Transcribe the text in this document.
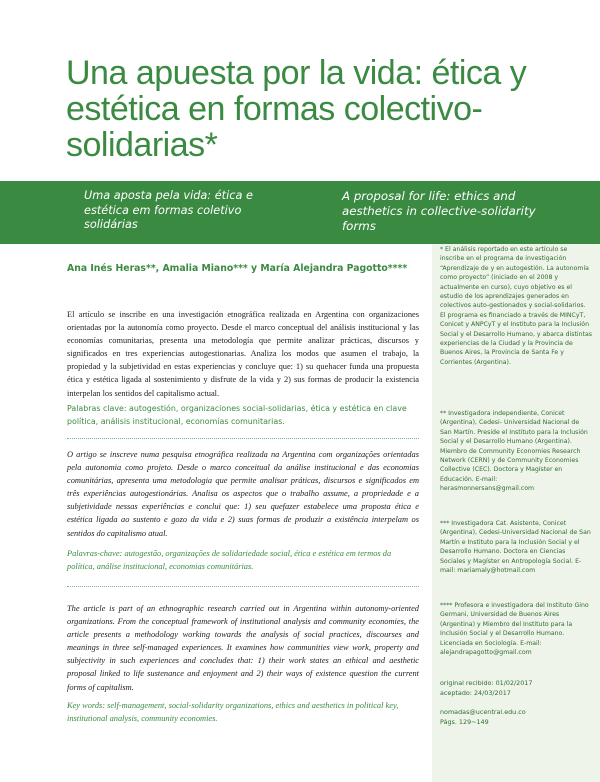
Una apuesta por la vida: ética y estética en formas colectivo-solidarias*
Uma aposta pela vida: ética e estética em formas coletivo solidárias
A proposal for life: ethics and aesthetics in collective-solidarity forms

Ana Inés Heras**, Amalia Miano*** y María Alejandra Pagotto****

El artículo se inscribe en una investigación etnográfica realizada en Argentina con organizaciones orientadas por la autonomía como proyecto. Desde el marco conceptual del análisis institucional y las economías comunitarias, presenta una metodología que permite analizar prácticas, discursos y significados en tres experiencias autogestionarias. Analiza los modos que asumen el trabajo, la propiedad y la subjetividad en estas experiencias y concluye que: 1) su quehacer funda una propuesta ética y estética ligada al sostenimiento y disfrute de la vida y 2) sus formas de producir la existencia interpelan los sentidos del capitalismo actual.

Palabras clave: autogestión, organizaciones social-solidarias, ética y estética en clave política, análisis institucional, economías comunitarias.

O artigo se inscreve numa pesquisa etnográfica realizada na Argentina com organizações orientadas pela autonomia como projeto. Desde o marco conceitual da análise institucional e das economias comunitárias, apresenta uma metodologia que permite analisar práticas, discursos e significados em três experiências autogestionárias. Analisa os aspectos que o trabalho assume, a propriedade e a subjetividade nessas experiências e conclui que: 1) seu quefazer estabelece uma proposta ética e estética ligada ao sustento e gozo da vida e 2) suas formas de produzir a existência interpelam os sentidos do capitalismo atual.

Palavras-chave: autogestão, organizações de solidariedade social, ética e estética em termos da política, análise institucional, economias comunitárias.

The article is part of an ethnographic research carried out in Argentina within autonomy-oriented organizations. From the conceptual framework of institutional analysis and community economies, the article presents a methodology working towards the analysis of social practices, discourses and meanings in three self-managed experiences. It examines how communities view work, property and subjectivity in such experiences and concludes that: 1) their work states an ethical and aesthetic proposal linked to life sustenance and enjoyment and 2) their ways of existence question the current forms of capitalism.

Key words: self-management, social-solidarity organizations, ethics and aesthetics in political key, institutional analysis, community economies.

* El análisis reportado en este artículo se inscribe en el programa de investigación “Aprendizaje de y en autogestión. La autonomía como proyecto” (iniciado en el 2008 y actualmente en curso), cuyo objetivo es el estudio de los aprendizajes generados en colectivos auto-gestionados y social-solidarios. El programa es financiado a través de MINCyT, Conicet y ANPCyT y el Instituto para la Inclusión Social y el Desarrollo Humano, y abarca distintas experiencias de la Ciudad y la Provincia de Buenos Aires, la Provincia de Santa Fe y Corrientes (Argentina).

** Investigadora independiente, Conicet (Argentina), Cedesi- Universidad Nacional de San Martín. Preside el Instituto para la Inclusión Social y el Desarrollo Humano (Argentina). Miembro de Community Economies Research Network (CERN) y de Community Economies Collective (CEC). Doctora y Magíster en Educación. E-mail: herasmonnersans@gmail.com

*** Investigadora Cat. Asistente, Conicet (Argentina), Cedesi-Universidad Nacional de San Martín e Instituto para la Inclusión Social y el Desarrollo Humano. Doctora en Ciencias Sociales y Magíster en Antropología Social. E-mail: mariamaly@hotmail.com

**** Profesora e investigadora del Instituto Gino Germani, Universidad de Buenos Aires (Argentina) y Miembro del Instituto para la Inclusión Social y el Desarrollo Humano. Licenciada en Sociología. E-mail: alejandrapagotto@gmail.com

original recibido: 01/02/2017

aceptado: 24/03/2017

nomadas@ucentral.edu.co

Págs. 129~149
